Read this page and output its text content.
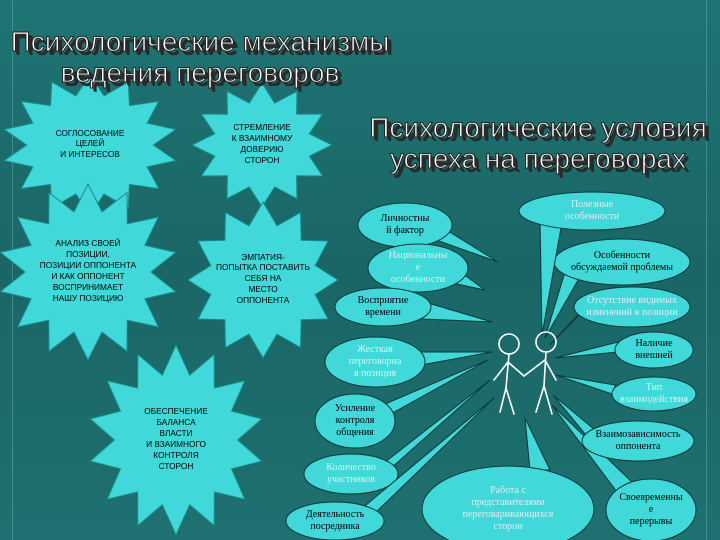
Психологические механизмы
ведения переговоров
Психологические условия
успеха на переговорах
СОГЛОСОВАНИЕ
ЦЕЛЕЙ
И ИНТЕРЕСОВ
СТРЕМЛЕНИЕ
К ВЗАИМНОМУ
ДОВЕРИЮ
СТОРОН
АНАЛИЗ СВОЕЙ
ПОЗИЦИИ,
ПОЗИЦИИ ОППОНЕНТА
И КАК ОППОНЕНТ
ВОСПРИНИМАЕТ
НАШУ ПОЗИЦИЮ
ЭМПАТИЯ-
ПОПЫТКА ПОСТАВИТЬ
СЕБЯ НА
МЕСТО
ОППОНЕНТА
ОБЕСПЕЧЕНИЕ
БАЛАНСА
ВЛАСТИ
И ВЗАИМНОГО
КОНТРОЛЯ
СТОРОН
Личностны
й фактор
Национальны
е
особенности
Восприятие
времени
Жесткая
переговорна
я позиция
Усиление
контроля
общения
Количество
участников
Деятельность
посредника
Работа с
представителями
переговаривающихся
сторон
Своевременны
е
перерывы
Взаимозависимость
оппонента
Тип
взаимодействия
Наличие
внешней
Отсутствие видимых
изменений в позиции
Особенности
обсуждаемой проблемы
Полезные
особенности
